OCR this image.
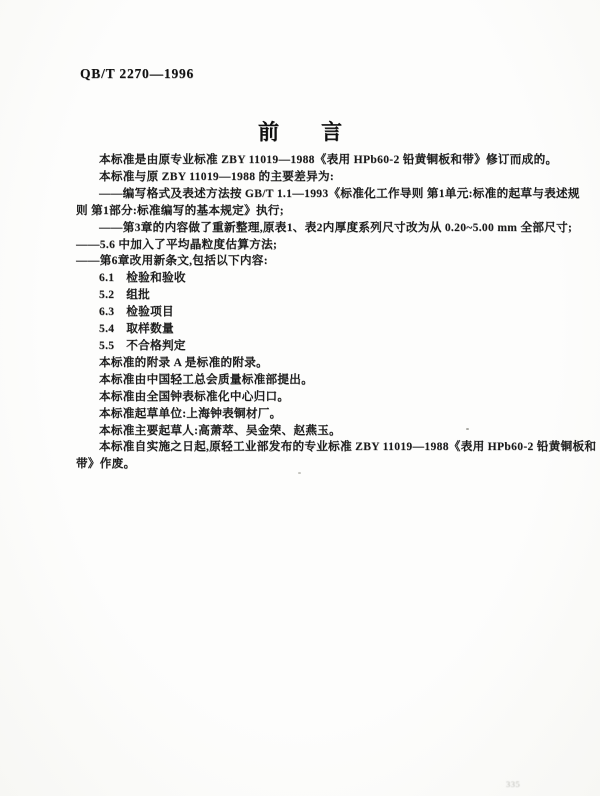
QB/T 2270—1996
前　　言

本标准是由原专业标准 ZBY 11019—1988《表用 HPb60-2 铅黄铜板和带》修订而成的。

本标准与原 ZBY 11019—1988 的主要差异为:

——编写格式及表述方法按 GB/T 1.1—1993《标准化工作导则 第1单元:标准的起草与表述规

则 第1部分:标准编写的基本规定》执行;

——第3章的内容做了重新整理,原表1、表2内厚度系列尺寸改为从 0.20~5.00 mm 全部尺寸;

——5.6 中加入了平均晶粒度估算方法;

——第6章改用新条文,包括以下内容:

6.1　检验和验收

5.2　组批

6.3　检验项目

5.4　取样数量

5.5　不合格判定

本标准的附录 A 是标准的附录。

本标准由中国轻工总会质量标准部提出。

本标准由全国钟表标准化中心归口。

本标准起草单位:上海钟表铜材厂。

本标准主要起草人:高萧萃、吴金荣、赵燕玉。

本标准自实施之日起,原轻工业部发布的专业标准 ZBY 11019—1988《表用 HPb60-2 铅黄铜板和

带》作废。

335
